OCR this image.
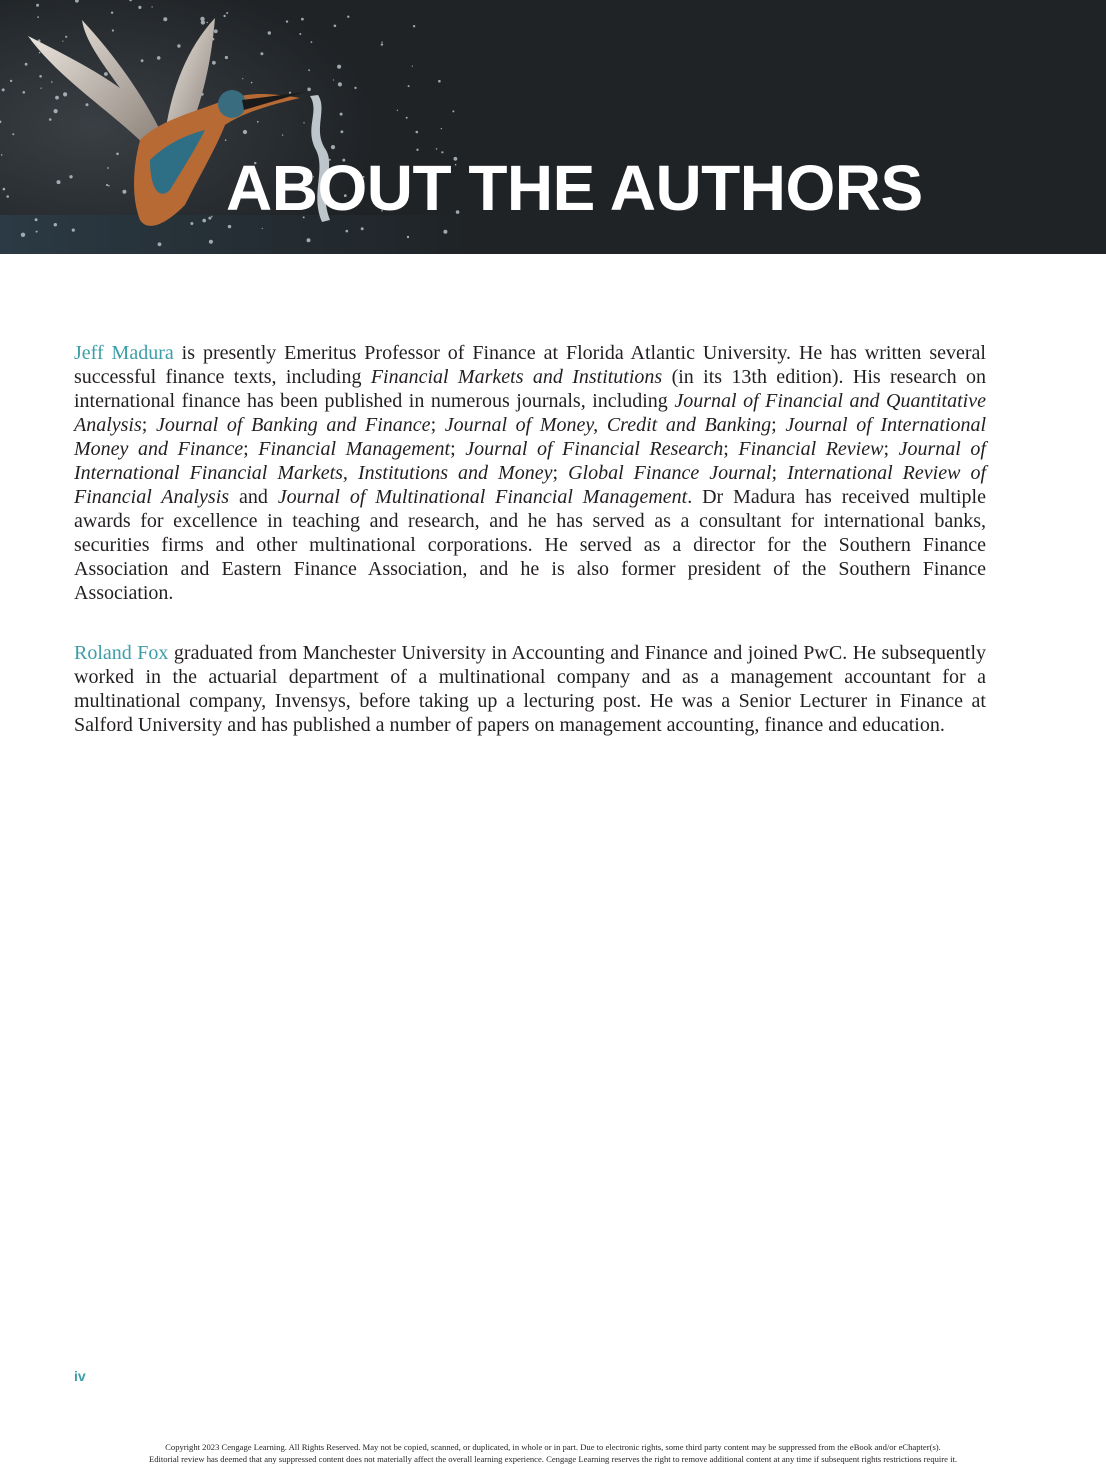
ABOUT THE AUTHORS

Jeff Madura is presently Emeritus Professor of Finance at Florida Atlantic University. He has written several successful finance texts, including Financial Markets and Institutions (in its 13th edition). His research on international finance has been published in numerous journals, including Journal of Financial and Quantitative Analysis; Journal of Banking and Finance; Journal of Money, Credit and Banking; Journal of International Money and Finance; Financial Management; Journal of Financial Research; Financial Review; Journal of International Financial Markets, Institutions and Money; Global Finance Journal; International Review of Financial Analysis and Journal of Multinational Financial Management. Dr Madura has received multiple awards for excellence in teaching and research, and he has served as a consultant for international banks, securities firms and other multinational corporations. He served as a director for the Southern Finance Association and Eastern Finance Association, and he is also former president of the Southern Finance Association.

Roland Fox graduated from Manchester University in Accounting and Finance and joined PwC. He subsequently worked in the actuarial department of a multinational company and as a management accountant for a multinational company, Invensys, before taking up a lecturing post. He was a Senior Lecturer in Finance at Salford University and has published a number of papers on management accounting, finance and education.

iv
Copyright 2023 Cengage Learning. All Rights Reserved. May not be copied, scanned, or duplicated, in whole or in part. Due to electronic rights, some third party content may be suppressed from the eBook and/or eChapter(s).
Editorial review has deemed that any suppressed content does not materially affect the overall learning experience. Cengage Learning reserves the right to remove additional content at any time if subsequent rights restrictions require it.
